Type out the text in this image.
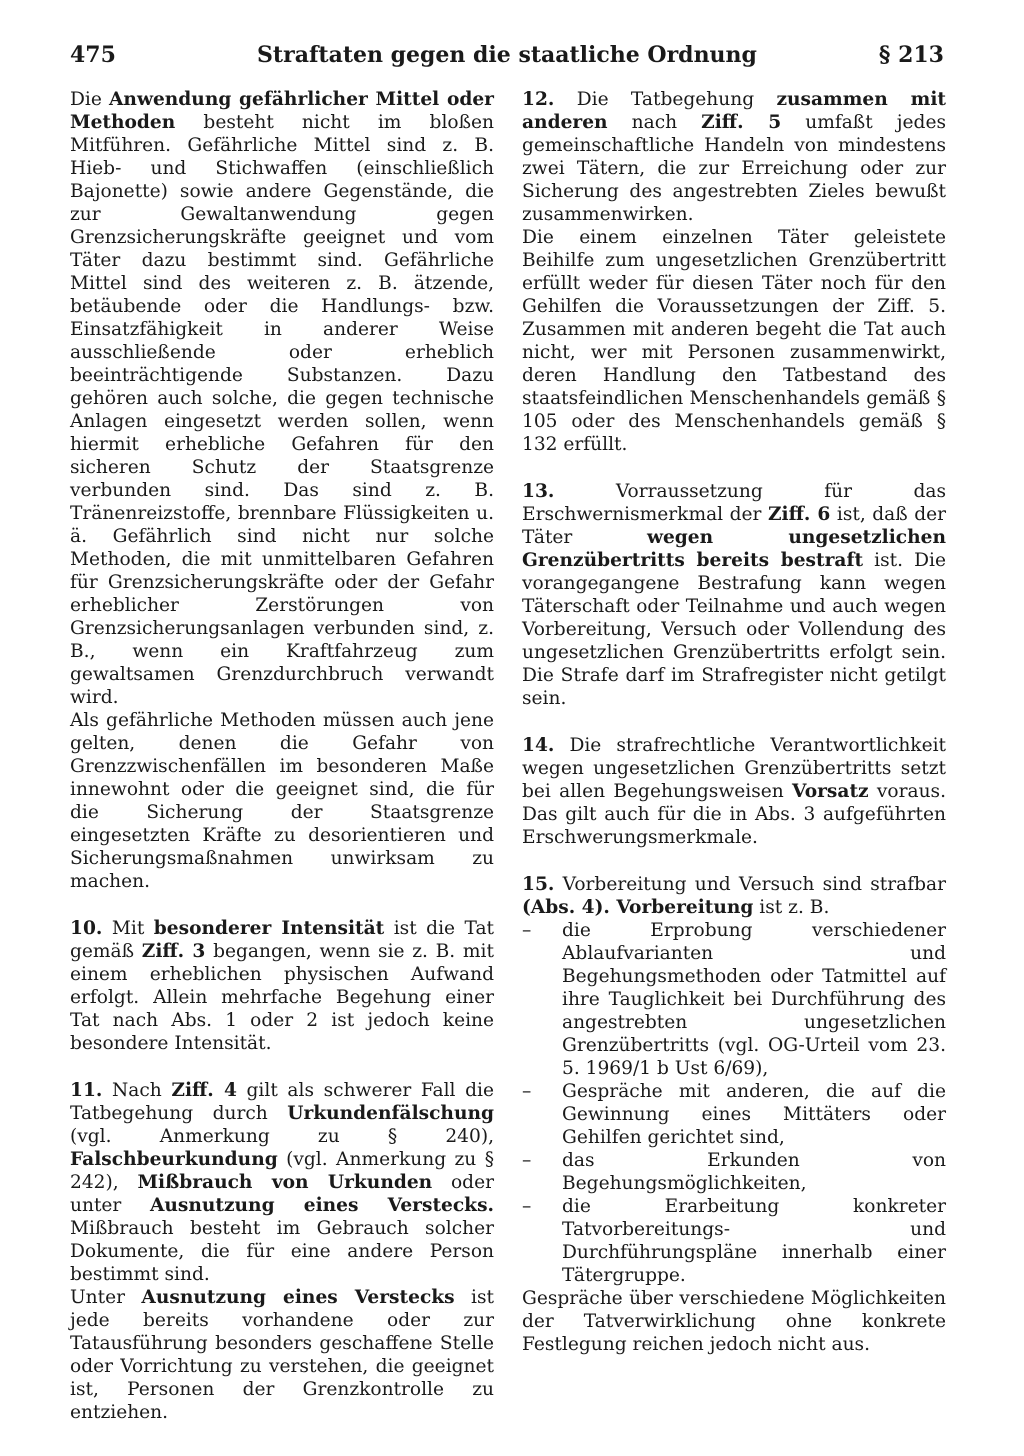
475	Straftaten gegen die staatliche Ordnung	§ 213

Die Anwendung gefährlicher Mittel oder Methoden besteht nicht im bloßen Mitführen. Gefährliche Mittel sind z. B. Hieb- und Stichwaffen (einschließlich Bajonette) sowie andere Gegenstände, die zur Gewaltanwendung gegen Grenzsicherungskräfte geeignet und vom Täter dazu bestimmt sind. Gefährliche Mittel sind des weiteren z. B. ätzende, betäubende oder die Handlungs- bzw. Einsatzfähigkeit in anderer Weise ausschließende oder erheblich beeinträchtigende Substanzen. Dazu gehören auch solche, die gegen technische Anlagen eingesetzt werden sollen, wenn hiermit erhebliche Gefahren für den sicheren Schutz der Staatsgrenze verbunden sind. Das sind z. B. Tränenreizstoffe, brennbare Flüssigkeiten u. ä. Gefährlich sind nicht nur solche Methoden, die mit unmittelbaren Gefahren für Grenzsicherungskräfte oder der Gefahr erheblicher Zerstörungen von Grenzsicherungsanlagen verbunden sind, z. B., wenn ein Kraftfahrzeug zum gewaltsamen Grenzdurchbruch verwandt wird.

Als gefährliche Methoden müssen auch jene gelten, denen die Gefahr von Grenzzwischenfällen im besonderen Maße innewohnt oder die geeignet sind, die für die Sicherung der Staatsgrenze eingesetzten Kräfte zu desorientieren und Sicherungsmaßnahmen unwirksam zu machen.

10. Mit besonderer Intensität ist die Tat gemäß Ziff. 3 begangen, wenn sie z. B. mit einem erheblichen physischen Aufwand erfolgt. Allein mehrfache Begehung einer Tat nach Abs. 1 oder 2 ist jedoch keine besondere Intensität.

11. Nach Ziff. 4 gilt als schwerer Fall die Tatbegehung durch Urkundenfälschung (vgl. Anmerkung zu § 240), Falschbeurkundung (vgl. Anmerkung zu § 242), Mißbrauch von Urkunden oder unter Ausnutzung eines Verstecks. Mißbrauch besteht im Gebrauch solcher Dokumente, die für eine andere Person bestimmt sind.

Unter Ausnutzung eines Verstecks ist jede bereits vorhandene oder zur Tatausführung besonders geschaffene Stelle oder Vorrichtung zu verstehen, die geeignet ist, Personen der Grenzkontrolle zu entziehen.

12. Die Tatbegehung zusammen mit anderen nach Ziff. 5 umfaßt jedes gemeinschaftliche Handeln von mindestens zwei Tätern, die zur Erreichung oder zur Sicherung des angestrebten Zieles bewußt zusammenwirken.

Die einem einzelnen Täter geleistete Beihilfe zum ungesetzlichen Grenzübertritt erfüllt weder für diesen Täter noch für den Gehilfen die Voraussetzungen der Ziff. 5. Zusammen mit anderen begeht die Tat auch nicht, wer mit Personen zusammenwirkt, deren Handlung den Tatbestand des staatsfeindlichen Menschenhandels gemäß § 105 oder des Menschenhandels gemäß § 132 erfüllt.

13. Vorraussetzung für das Erschwernismerkmal der Ziff. 6 ist, daß der Täter wegen ungesetzlichen Grenzübertritts bereits bestraft ist. Die vorangegangene Bestrafung kann wegen Täterschaft oder Teilnahme und auch wegen Vorbereitung, Versuch oder Vollendung des ungesetzlichen Grenzübertritts erfolgt sein. Die Strafe darf im Strafregister nicht getilgt sein.

14. Die strafrechtliche Verantwortlichkeit wegen ungesetzlichen Grenzübertritts setzt bei allen Begehungsweisen Vorsatz voraus. Das gilt auch für die in Abs. 3 aufgeführten Erschwerungsmerkmale.

15. Vorbereitung und Versuch sind strafbar (Abs. 4). Vorbereitung ist z. B.

– die Erprobung verschiedener Ablaufvarianten und Begehungsmethoden oder Tatmittel auf ihre Tauglichkeit bei Durchführung des angestrebten ungesetzlichen Grenzübertritts (vgl. OG-Urteil vom 23. 5. 1969/1 b Ust 6/69),
– Gespräche mit anderen, die auf die Gewinnung eines Mittäters oder Gehilfen gerichtet sind,
– das Erkunden von Begehungsmöglichkeiten,
– die Erarbeitung konkreter Tatvorbereitungs- und Durchführungspläne innerhalb einer Tätergruppe.

Gespräche über verschiedene Möglichkeiten der Tatverwirklichung ohne konkrete Festlegung reichen jedoch nicht aus.
